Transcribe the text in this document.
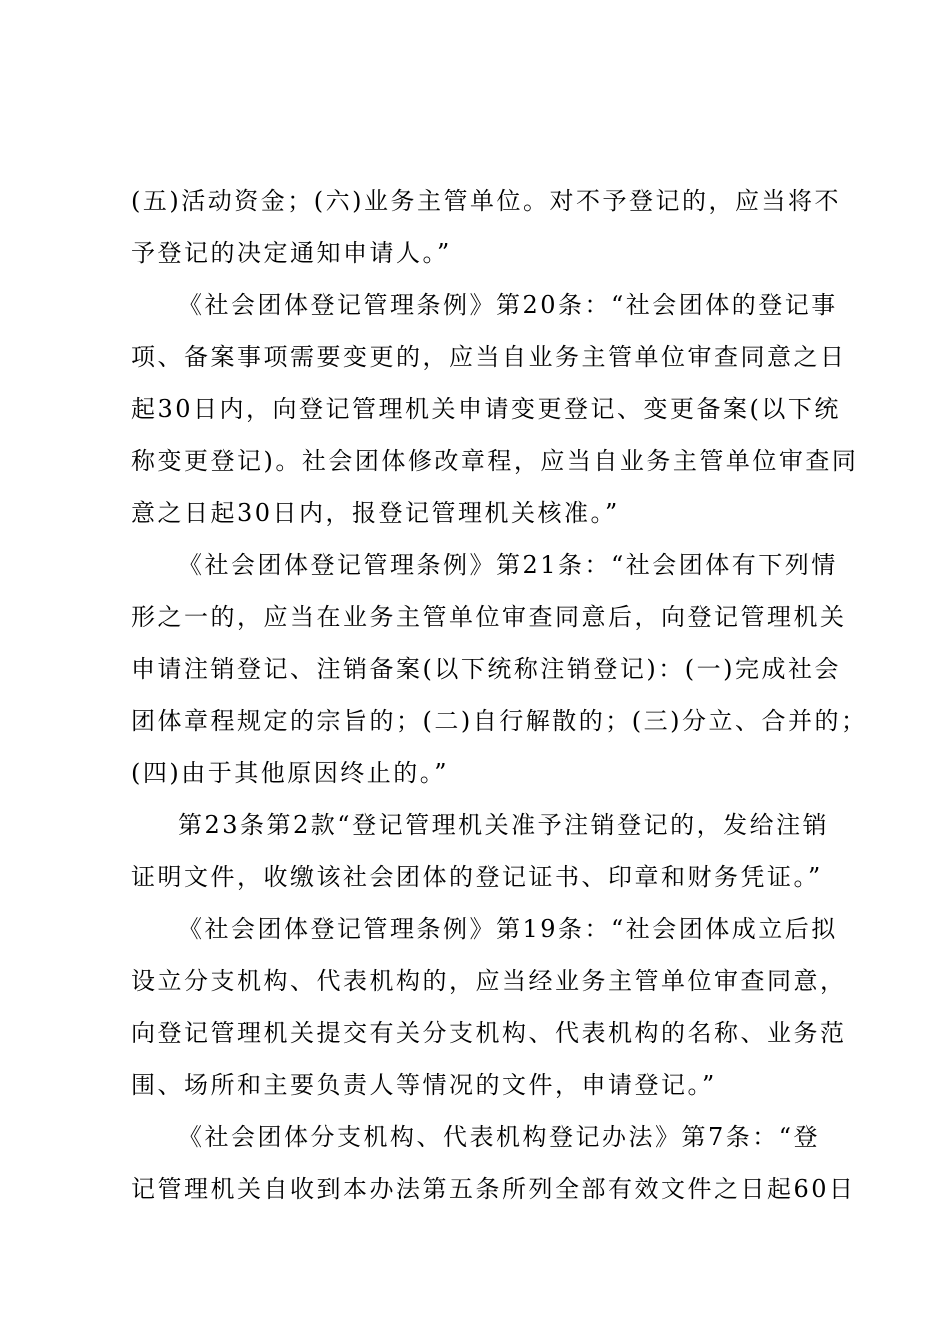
(五)活动资金；(六)业务主管单位。对不予登记的，应当将不
予登记的决定通知申请人。”
《社会团体登记管理条例》第20条：“社会团体的登记事
项、备案事项需要变更的，应当自业务主管单位审查同意之日
起30日内，向登记管理机关申请变更登记、变更备案(以下统
称变更登记)。社会团体修改章程，应当自业务主管单位审查同
意之日起30日内，报登记管理机关核准。”
《社会团体登记管理条例》第21条：“社会团体有下列情
形之一的，应当在业务主管单位审查同意后，向登记管理机关
申请注销登记、注销备案(以下统称注销登记)：(一)完成社会
团体章程规定的宗旨的；(二)自行解散的；(三)分立、合并的；
(四)由于其他原因终止的。”
第23条第2款“登记管理机关准予注销登记的，发给注销
证明文件，收缴该社会团体的登记证书、印章和财务凭证。”
《社会团体登记管理条例》第19条：“社会团体成立后拟
设立分支机构、代表机构的，应当经业务主管单位审查同意，
向登记管理机关提交有关分支机构、代表机构的名称、业务范
围、场所和主要负责人等情况的文件，申请登记。”
《社会团体分支机构、代表机构登记办法》第7条：“登
记管理机关自收到本办法第五条所列全部有效文件之日起60日
